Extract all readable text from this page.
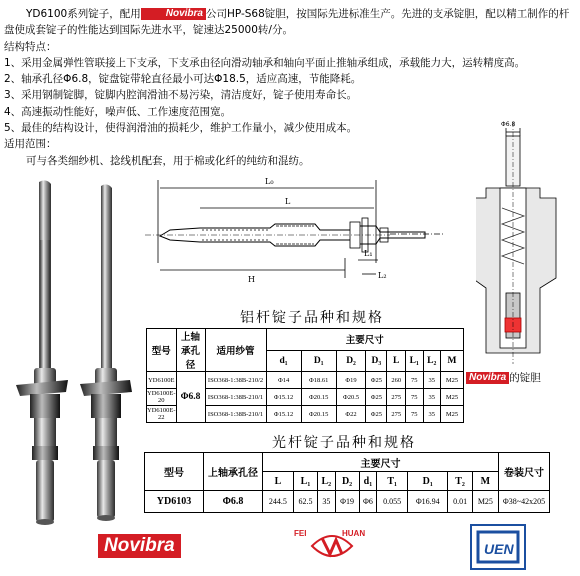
YD6100系列锭子，配用	Novibra 公司HP-S68锭胆，按国际先进标准生产。先进的支承锭胆，配以精工制作的杆盘使成套锭子的性能达到国际先进水平，锭速达25000转/分。

结构特点：

1、采用金属弹性管联接上下支承，下支承由径向滑动轴承和轴向平面止推轴承组成，承载能力大，运转精度高。

2、轴承孔径Φ6.8，锭盘锭带轮直径最小可达Φ18.5，适应高速，节能降耗。

3、采用钢制锭脚，锭脚内腔润滑油不易污染，清洁度好，锭子使用寿命长。

4、高速振动性能好，噪声低、工作速度范围宽。

5、最佳的结构设计，使得润滑油的损耗少，维护工作量小，减少使用成本。

适用范围：

可与各类细纱机、捻线机配套，用于棉或化纤的纯纺和混纺。

L₀
L
H
L₁
L₂
Φ6.8
Novibra 的锭胆
铝杆锭子品种和规格
型号	上轴承孔径	适用纱管	主要尺寸							
			d₁	D₁	D₂	D₃	L	L₁	L₂	M
YD6100E	Φ6.8	ISO368-1:38B-210/2	Φ14	Φ18.61	Φ19	Φ25	260	75	35	M25
YD6100E-20		ISO368-1:38B-210/1	Φ15.12	Φ20.15	Φ20.5	Φ25	275	75	35	M25
YD6100E-22		ISO368-1:38B-210/1	Φ15.12	Φ20.15	Φ22	Φ25	275	75	35	M25
光杆锭子品种和规格
型号	上轴承孔径	主要尺寸									卷装尺寸
		L	L₁	L₂	D₂	d₁	T₁	D₁	T₂	M	
YD6103	Φ6.8	244.5	62.5	35	Φ19	Φ6	0.055	Φ16.94	0.01	M25	Φ38~42x205
Novibra
FEI	HUAN
UEN
